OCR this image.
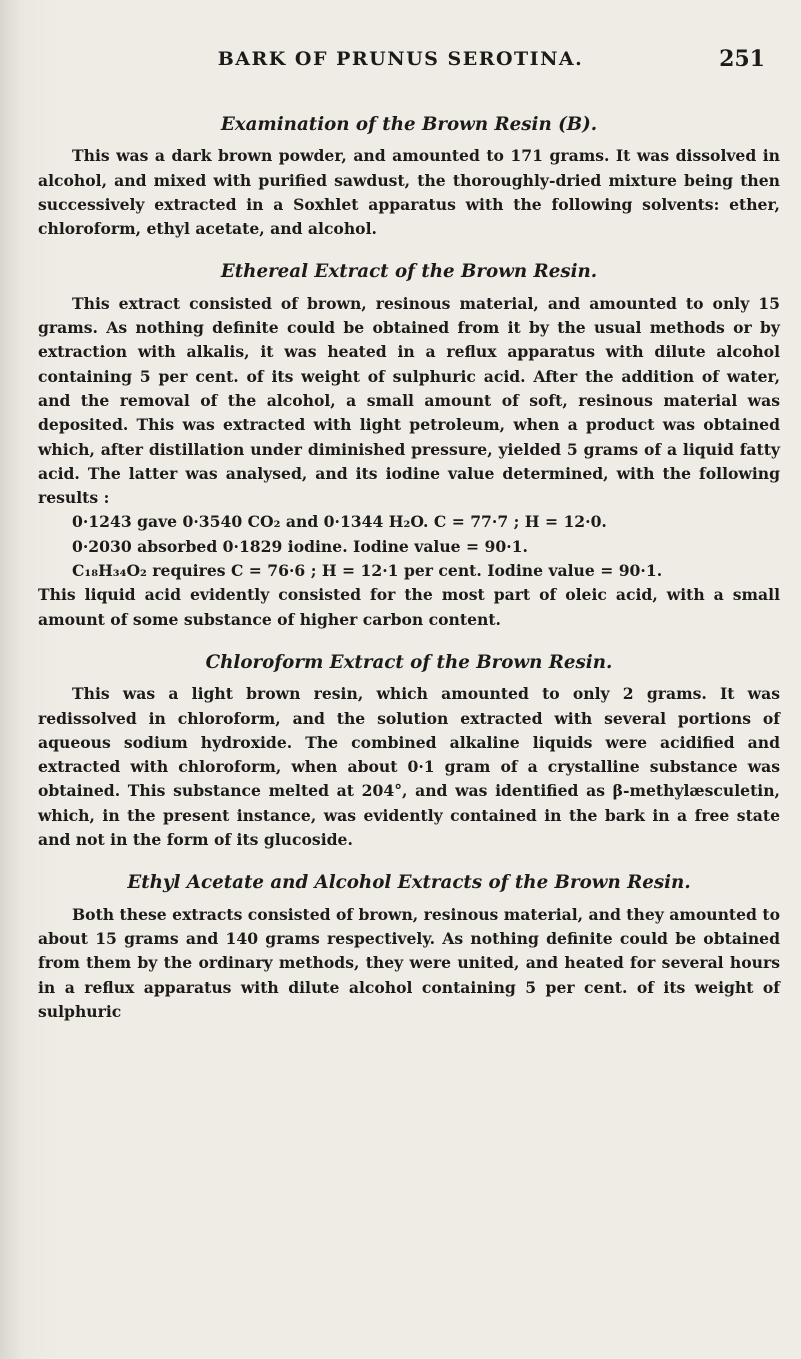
BARK OF PRUNUS SEROTINA.	251
Examination of the Brown Resin (B).

This was a dark brown powder, and amounted to 171 grams. It was dissolved in alcohol, and mixed with purified sawdust, the thoroughly-dried mixture being then successively extracted in a Soxhlet apparatus with the following solvents: ether, chloroform, ethyl acetate, and alcohol.

Ethereal Extract of the Brown Resin.

This extract consisted of brown, resinous material, and amounted to only 15 grams. As nothing definite could be obtained from it by the usual methods or by extraction with alkalis, it was heated in a reflux apparatus with dilute alcohol containing 5 per cent. of its weight of sulphuric acid. After the addition of water, and the removal of the alcohol, a small amount of soft, resinous material was deposited. This was extracted with light petroleum, when a product was obtained which, after distillation under diminished pressure, yielded 5 grams of a liquid fatty acid. The latter was analysed, and its iodine value determined, with the following results :

0·1243 gave 0·3540 CO₂ and 0·1344 H₂O. C = 77·7 ; H = 12·0.
0·2030 absorbed 0·1829 iodine. Iodine value = 90·1.
C₁₈H₃₄O₂ requires C = 76·6 ; H = 12·1 per cent. Iodine value = 90·1.

This liquid acid evidently consisted for the most part of oleic acid, with a small amount of some substance of higher carbon content.

Chloroform Extract of the Brown Resin.

This was a light brown resin, which amounted to only 2 grams. It was redissolved in chloroform, and the solution extracted with several portions of aqueous sodium hydroxide. The combined alkaline liquids were acidified and extracted with chloroform, when about 0·1 gram of a crystalline substance was obtained. This substance melted at 204°, and was identified as β-methylæsculetin, which, in the present instance, was evidently contained in the bark in a free state and not in the form of its glucoside.

Ethyl Acetate and Alcohol Extracts of the Brown Resin.

Both these extracts consisted of brown, resinous material, and they amounted to about 15 grams and 140 grams respectively. As nothing definite could be obtained from them by the ordinary methods, they were united, and heated for several hours in a reflux apparatus with dilute alcohol containing 5 per cent. of its weight of sulphuric
